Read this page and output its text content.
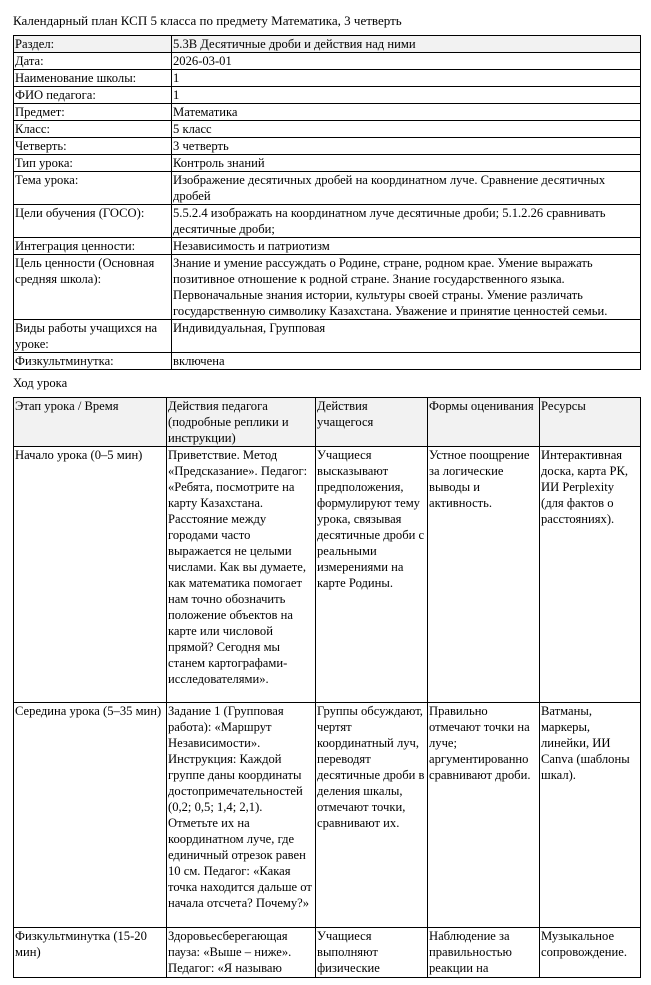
Календарный план КСП 5 класса по предмету Математика, 3 четверть
Раздел:	5.3В Десятичные дроби и действия над ними
Дата:	2026-03-01
Наименование школы:	1
ФИО педагога:	1
Предмет:	Математика
Класс:	5 класс
Четверть:	3 четверть
Тип урока:	Контроль знаний
Тема урока:	Изображение десятичных дробей на координатном луче. Сравнение десятичных дробей
Цели обучения (ГОСО):	5.5.2.4 изображать на координатном луче десятичные дроби; 5.1.2.26 сравнивать десятичные дроби;
Интеграция ценности:	Независимость и патриотизм
Цель ценности (Основная средняя школа):	Знание и умение рассуждать о Родине, стране, родном крае. Умение выражать позитивное отношение к родной стране. Знание государственного языка. Первоначальные знания истории, культуры своей страны. Умение различать государственную символику Казахстана. Уважение и принятие ценностей семьи.
Виды работы учащихся на уроке:	Индивидуальная, Групповая
Физкультминутка:	включена
Ход урока
Этап урока / Время	Действия педагога (подробные реплики и инструкции)	Действия учащегося	Формы оценивания	Ресурсы
Начало урока (0–5 мин)	Приветствие. Метод «Предсказание». Педагог: «Ребята, посмотрите на карту Казахстана. Расстояние между городами часто выражается не целыми числами. Как вы думаете, как математика помогает нам точно обозначить положение объектов на карте или числовой прямой? Сегодня мы станем картографами-исследователями».	Учащиеся высказывают предположения, формулируют тему урока, связывая десятичные дроби с реальными измерениями на карте Родины.	Устное поощрение за логические выводы и активность.	Интерактивная доска, карта РК, ИИ Perplexity (для фактов о расстояниях).
Середина урока (5–35 мин)	Задание 1 (Групповая работа): «Маршрут Независимости». Инструкция: Каждой группе даны координаты достопримечательностей (0,2; 0,5; 1,4; 2,1). Отметьте их на координатном луче, где единичный отрезок равен 10 см. Педагог: «Какая точка находится дальше от начала отсчета? Почему?»	Группы обсуждают, чертят координатный луч, переводят десятичные дроби в деления шкалы, отмечают точки, сравнивают их.	Правильно отмечают точки на луче; аргументированно сравнивают дроби.	Ватманы, маркеры, линейки, ИИ Canva (шаблоны шкал).
Физкультминутка (15-20 мин)	Здоровьесберегающая пауза: «Выше – ниже». Педагог: «Я называю	Учащиеся выполняют физические	Наблюдение за правильностью реакции на	Музыкальное сопровождение.
